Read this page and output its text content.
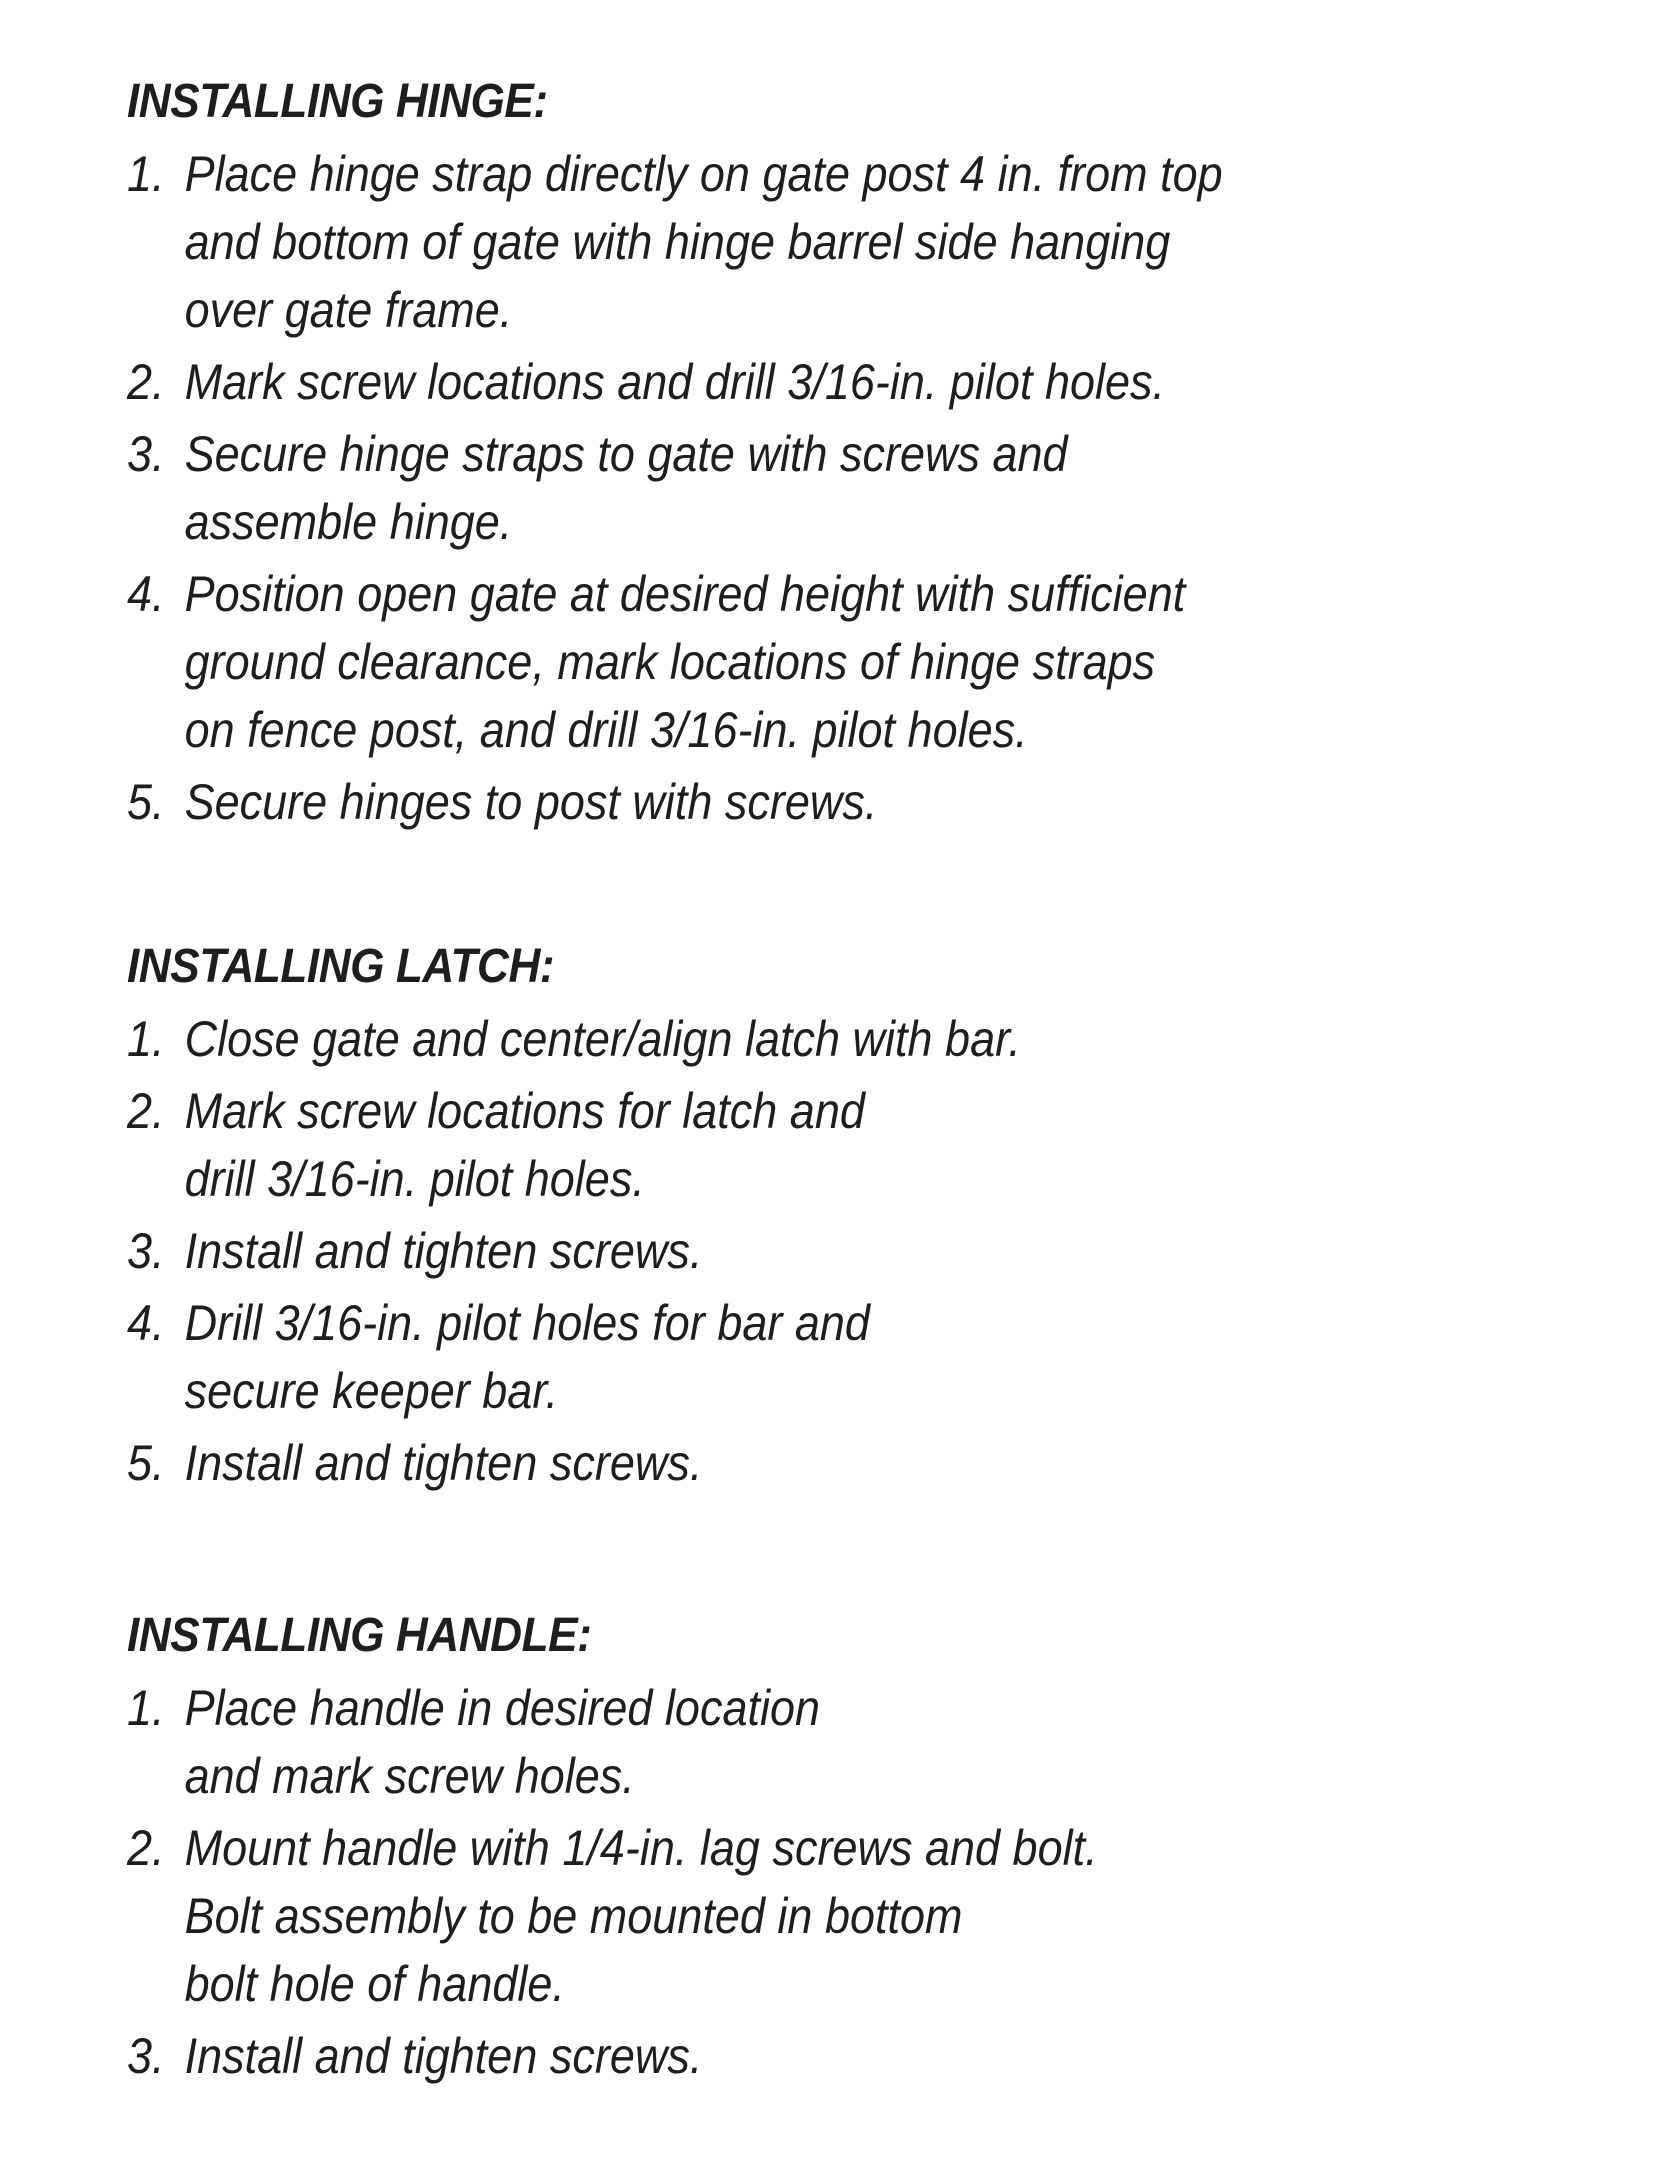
INSTALLING HINGE:
1. Place hinge strap directly on gate post 4 in. from top
and bottom of gate with hinge barrel side hanging
over gate frame.
2. Mark screw locations and drill 3/16-in. pilot holes.
3. Secure hinge straps to gate with screws and
assemble hinge.
4. Position open gate at desired height with sufficient
ground clearance, mark locations of hinge straps
on fence post, and drill 3/16-in. pilot holes.
5. Secure hinges to post with screws.
INSTALLING LATCH:
1. Close gate and center/align latch with bar.
2. Mark screw locations for latch and
drill 3/16-in. pilot holes.
3. Install and tighten screws.
4. Drill 3/16-in. pilot holes for bar and
secure keeper bar.
5. Install and tighten screws.
INSTALLING HANDLE:
1. Place handle in desired location
and mark screw holes.
2. Mount handle with 1/4-in. lag screws and bolt.
Bolt assembly to be mounted in bottom
bolt hole of handle.
3. Install and tighten screws.
